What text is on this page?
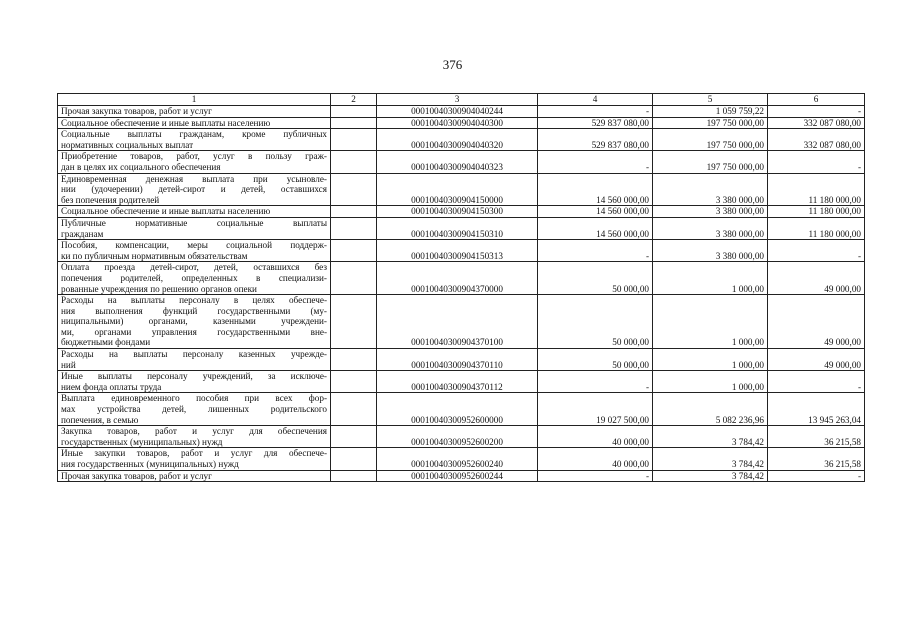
376
1	2	3	4	5	6

Прочая закупка товаров, работ и услуг		00010040300904040244	-	1 059 759,22	-

Социальное обеспечение и иные выплаты населению		00010040300904040300	529 837 080,00	197 750 000,00	332 087 080,00

Социальные выплаты гражданам, кроме публичных
нормативных социальных выплат		00010040300904040320	529 837 080,00	197 750 000,00	332 087 080,00

Приобретение товаров, работ, услуг в пользу граж-
дан в целях их социального обеспечения		00010040300904040323	-	197 750 000,00	-

Единовременная денежная выплата при усыновле-
нии (удочерении) детей-сирот и детей, оставшихся
без попечения родителей		00010040300904150000	14 560 000,00	3 380 000,00	11 180 000,00

Социальное обеспечение и иные выплаты населению		00010040300904150300	14 560 000,00	3 380 000,00	11 180 000,00

Публичные нормативные социальные выплаты
гражданам		00010040300904150310	14 560 000,00	3 380 000,00	11 180 000,00

Пособия, компенсации, меры социальной поддерж-
ки по публичным нормативным обязательствам		00010040300904150313	-	3 380 000,00	-

Оплата проезда детей-сирот, детей, оставшихся без
попечения родителей, определенных в специализи-
рованные учреждения по решению органов опеки		00010040300904370000	50 000,00	1 000,00	49 000,00

Расходы на выплаты персоналу в целях обеспече-
ния выполнения функций государственными (му-
ниципальными) органами, казенными учреждени-
ми, органами управления государственными вне-
бюджетными фондами		00010040300904370100	50 000,00	1 000,00	49 000,00

Расходы на выплаты персоналу казенных учрежде-
ний		00010040300904370110	50 000,00	1 000,00	49 000,00

Иные выплаты персоналу учреждений, за исключе-
нием фонда оплаты труда		00010040300904370112	-	1 000,00	-

Выплата единовременного пособия при всех фор-
мах устройства детей, лишенных родительского
попечения, в семью		00010040300952600000	19 027 500,00	5 082 236,96	13 945 263,04

Закупка товаров, работ и услуг для обеспечения
государственных (муниципальных) нужд		00010040300952600200	40 000,00	3 784,42	36 215,58

Иные закупки товаров, работ и услуг для обеспече-
ния государственных (муниципальных) нужд		00010040300952600240	40 000,00	3 784,42	36 215,58

Прочая закупка товаров, работ и услуг		00010040300952600244	-	3 784,42	-
